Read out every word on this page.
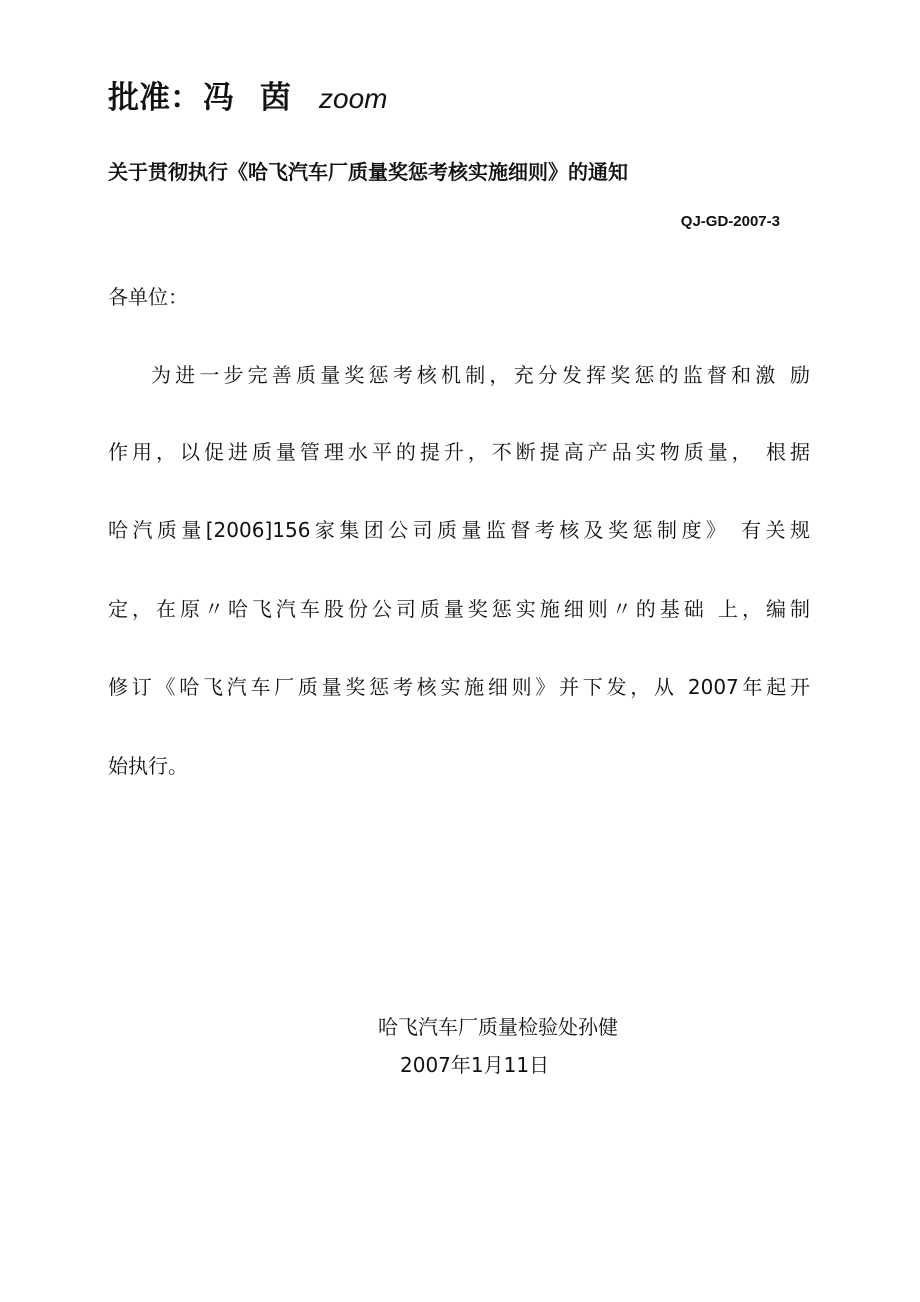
批准：冯茵zoom
关于贯彻执行《哈飞汽车厂质量奖惩考核实施细则》的通知
QJ-GD-2007-3
各单位：
为进一步完善质量奖惩考核机制，充分发挥奖惩的监督和激 励
作用，以促进质量管理水平的提升，不断提高产品实物质量， 根据
哈汽质量[2006]156家集团公司质量监督考核及奖惩制度》 有关规
定，在原〃哈飞汽车股份公司质量奖惩实施细则〃的基础 上，编制
修订《哈飞汽车厂质量奖惩考核实施细则》并下发，从 2007年起开
始执行。
哈飞汽车厂质量检验处孙健
2007年1月11日
